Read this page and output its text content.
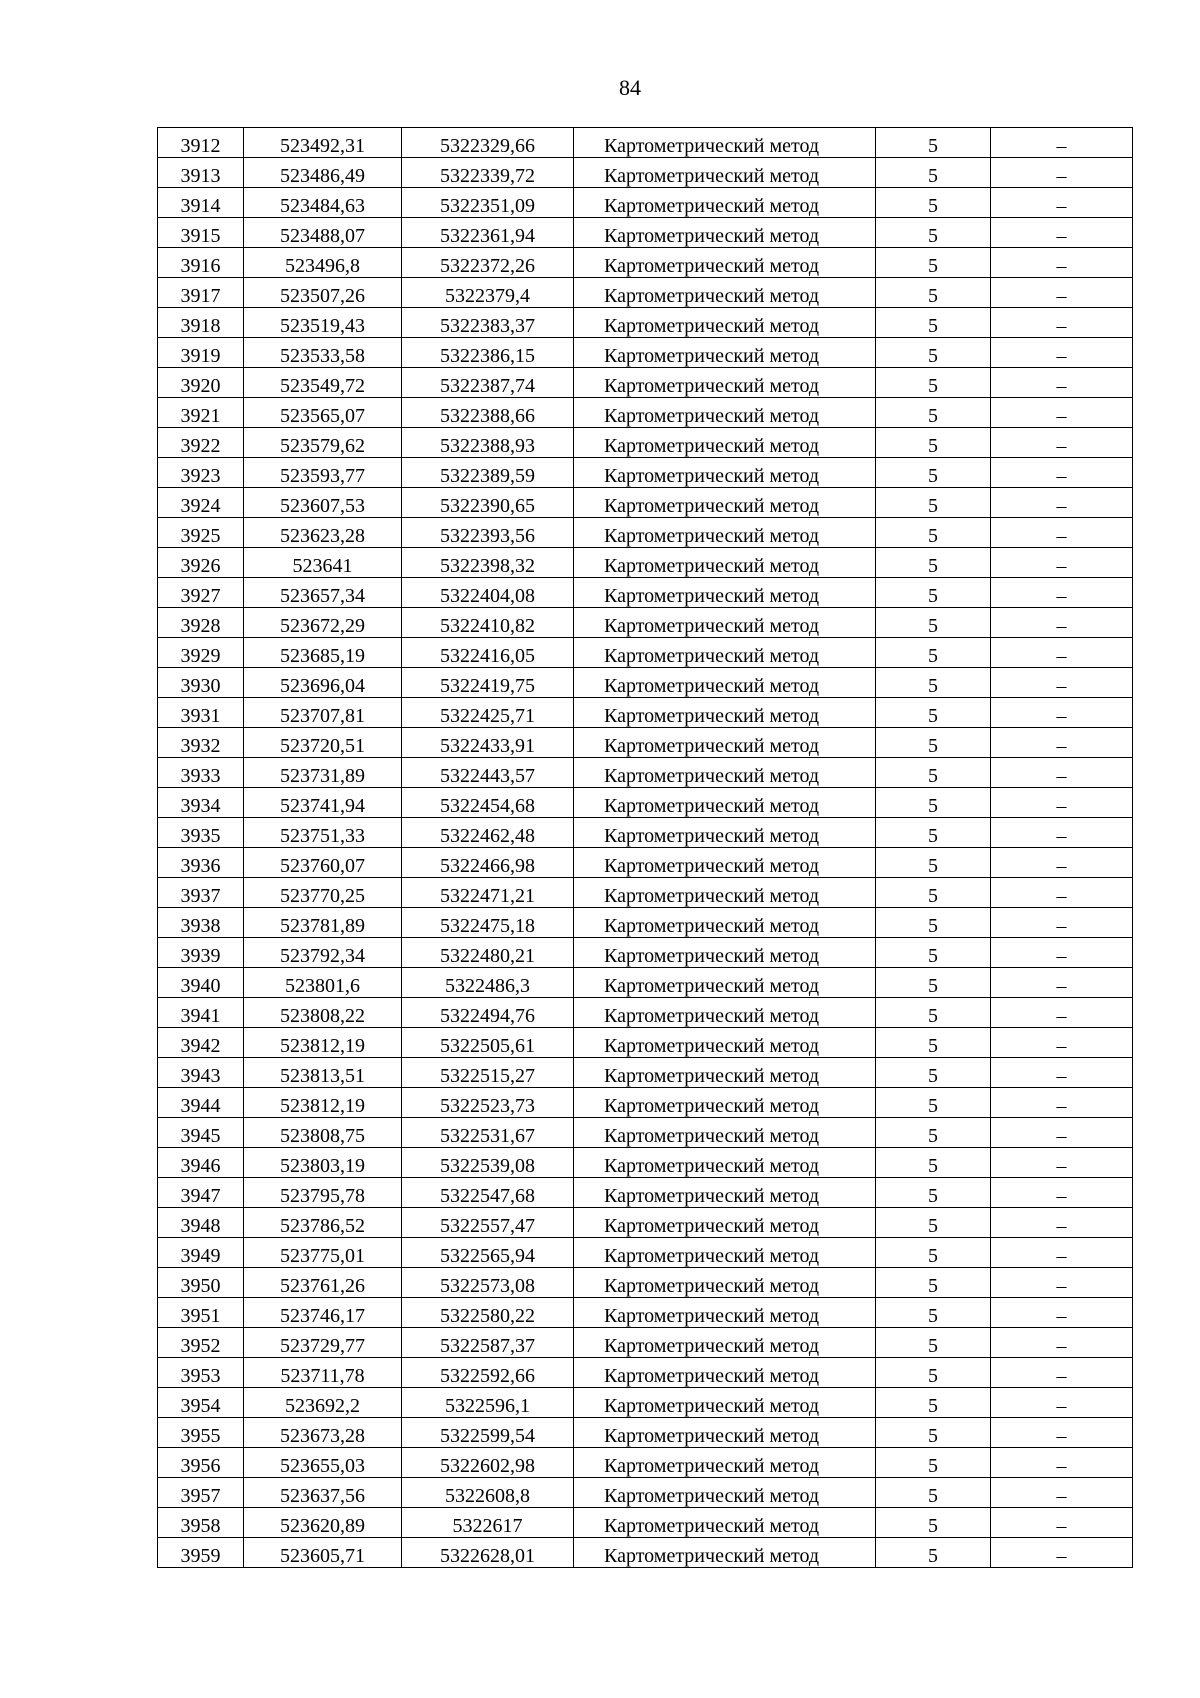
84
3912	523492,31	5322329,66	Картометрический метод	5	–
3913	523486,49	5322339,72	Картометрический метод	5	–
3914	523484,63	5322351,09	Картометрический метод	5	–
3915	523488,07	5322361,94	Картометрический метод	5	–
3916	523496,8	5322372,26	Картометрический метод	5	–
3917	523507,26	5322379,4	Картометрический метод	5	–
3918	523519,43	5322383,37	Картометрический метод	5	–
3919	523533,58	5322386,15	Картометрический метод	5	–
3920	523549,72	5322387,74	Картометрический метод	5	–
3921	523565,07	5322388,66	Картометрический метод	5	–
3922	523579,62	5322388,93	Картометрический метод	5	–
3923	523593,77	5322389,59	Картометрический метод	5	–
3924	523607,53	5322390,65	Картометрический метод	5	–
3925	523623,28	5322393,56	Картометрический метод	5	–
3926	523641	5322398,32	Картометрический метод	5	–
3927	523657,34	5322404,08	Картометрический метод	5	–
3928	523672,29	5322410,82	Картометрический метод	5	–
3929	523685,19	5322416,05	Картометрический метод	5	–
3930	523696,04	5322419,75	Картометрический метод	5	–
3931	523707,81	5322425,71	Картометрический метод	5	–
3932	523720,51	5322433,91	Картометрический метод	5	–
3933	523731,89	5322443,57	Картометрический метод	5	–
3934	523741,94	5322454,68	Картометрический метод	5	–
3935	523751,33	5322462,48	Картометрический метод	5	–
3936	523760,07	5322466,98	Картометрический метод	5	–
3937	523770,25	5322471,21	Картометрический метод	5	–
3938	523781,89	5322475,18	Картометрический метод	5	–
3939	523792,34	5322480,21	Картометрический метод	5	–
3940	523801,6	5322486,3	Картометрический метод	5	–
3941	523808,22	5322494,76	Картометрический метод	5	–
3942	523812,19	5322505,61	Картометрический метод	5	–
3943	523813,51	5322515,27	Картометрический метод	5	–
3944	523812,19	5322523,73	Картометрический метод	5	–
3945	523808,75	5322531,67	Картометрический метод	5	–
3946	523803,19	5322539,08	Картометрический метод	5	–
3947	523795,78	5322547,68	Картометрический метод	5	–
3948	523786,52	5322557,47	Картометрический метод	5	–
3949	523775,01	5322565,94	Картометрический метод	5	–
3950	523761,26	5322573,08	Картометрический метод	5	–
3951	523746,17	5322580,22	Картометрический метод	5	–
3952	523729,77	5322587,37	Картометрический метод	5	–
3953	523711,78	5322592,66	Картометрический метод	5	–
3954	523692,2	5322596,1	Картометрический метод	5	–
3955	523673,28	5322599,54	Картометрический метод	5	–
3956	523655,03	5322602,98	Картометрический метод	5	–
3957	523637,56	5322608,8	Картометрический метод	5	–
3958	523620,89	5322617	Картометрический метод	5	–
3959	523605,71	5322628,01	Картометрический метод	5	–
